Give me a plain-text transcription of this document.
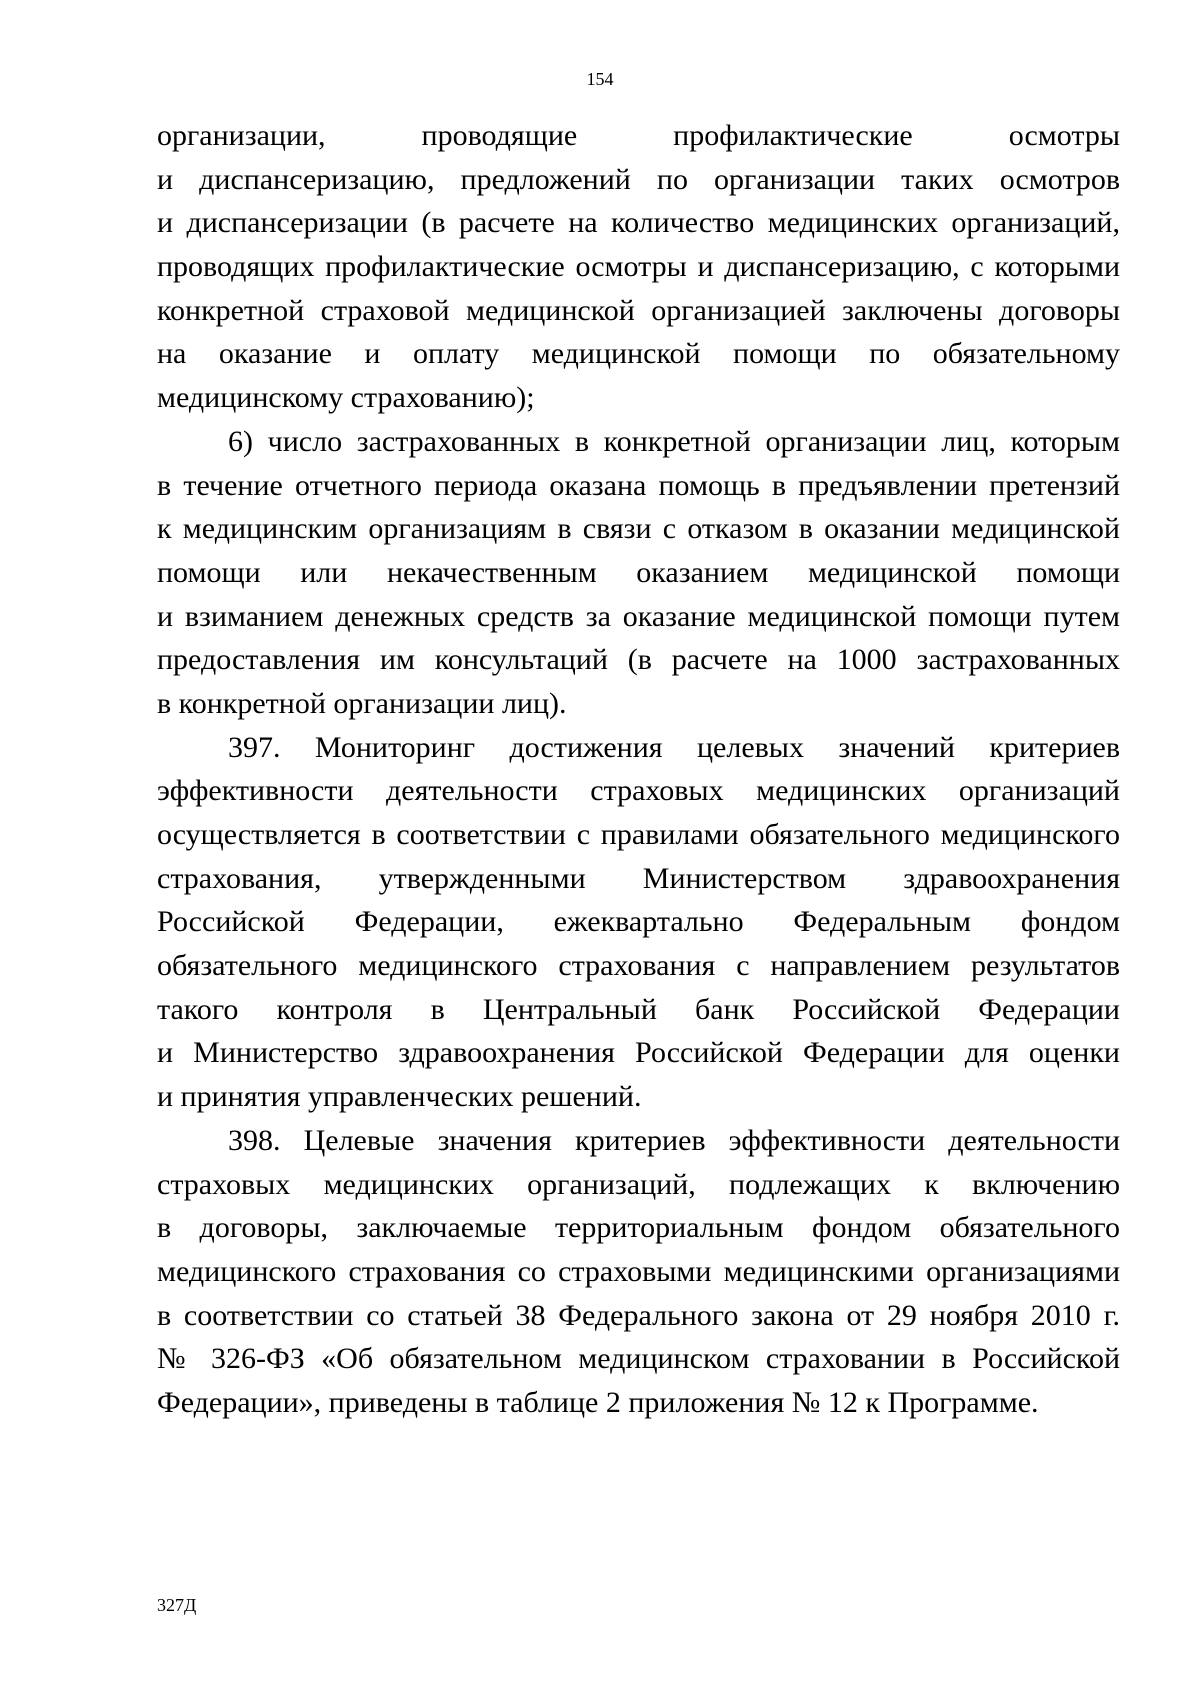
154
организации, проводящие профилактические осмотры
и диспансеризацию, предложений по организации таких осмотров
и диспансеризации (в расчете на количество медицинских организаций,
проводящих профилактические осмотры и диспансеризацию, с которыми
конкретной страховой медицинской организацией заключены договоры
на оказание и оплату медицинской помощи по обязательному
медицинскому страхованию);
6) число застрахованных в конкретной организации лиц, которым
в течение отчетного периода оказана помощь в предъявлении претензий
к медицинским организациям в связи с отказом в оказании медицинской
помощи или некачественным оказанием медицинской помощи
и взиманием денежных средств за оказание медицинской помощи путем
предоставления им консультаций (в расчете на 1000 застрахованных
в конкретной организации лиц).
397. Мониторинг достижения целевых значений критериев
эффективности деятельности страховых медицинских организаций
осуществляется в соответствии с правилами обязательного медицинского
страхования, утвержденными Министерством здравоохранения
Российской Федерации, ежеквартально Федеральным фондом
обязательного медицинского страхования с направлением результатов
такого контроля в Центральный банк Российской Федерации
и Министерство здравоохранения Российской Федерации для оценки
и принятия управленческих решений.
398. Целевые значения критериев эффективности деятельности
страховых медицинских организаций, подлежащих к включению
в договоры, заключаемые территориальным фондом обязательного
медицинского страхования со страховыми медицинскими организациями
в соответствии со статьей 38 Федерального закона от 29 ноября 2010 г.
№ 326-ФЗ «Об обязательном медицинском страховании в Российской
Федерации», приведены в таблице 2 приложения № 12 к Программе.
327Д
